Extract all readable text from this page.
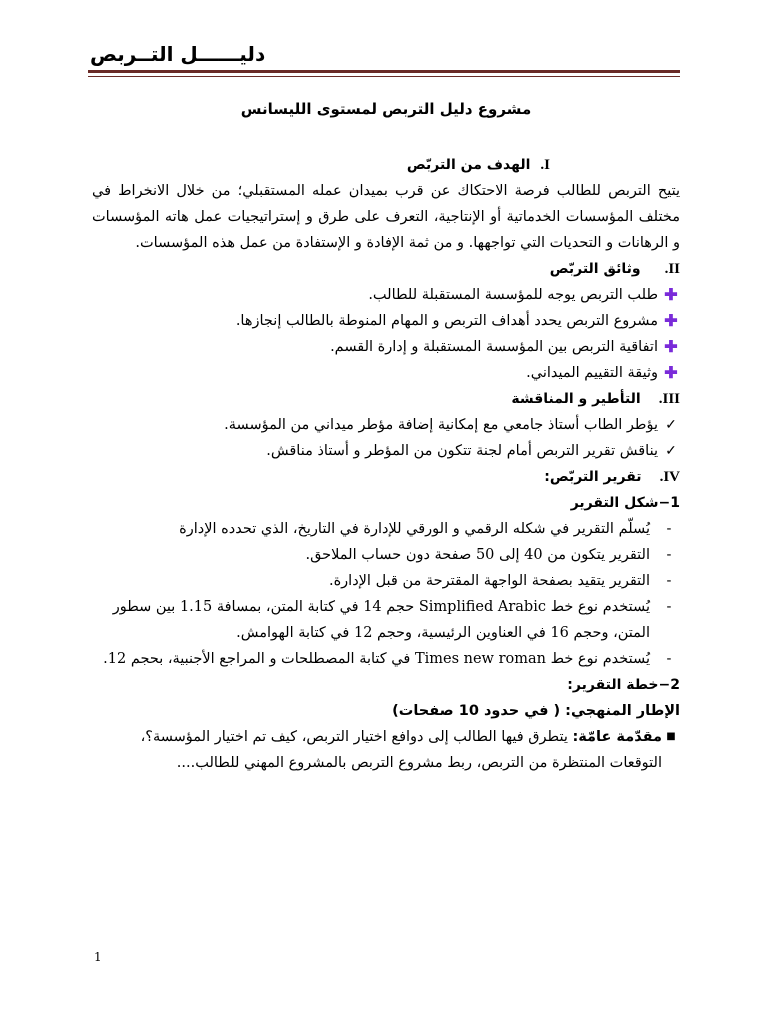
دليــــــل التــربص
مشروع دليل التربص لمستوى الليسانس
I.الهدف من التربّص

يتيح التربص للطالب فرصة الاحتكاك عن قرب بميدان عمله المستقبلي؛ من خلال الانخراط في مختلف المؤسسات الخدماتية أو الإنتاجية، التعرف على طرق و إستراتيجيات عمل هاته المؤسسات و الرهانات و التحديات التي تواجهها. و من ثمة الإفادة و الإستفادة من عمل هذه المؤسسات.

II.وثائق التربّص
✚
طلب التربص يوجه للمؤسسة المستقبلة للطالب.
✚
مشروع التربص يحدد أهداف التربص و المهام المنوطة بالطالب إنجازها.
✚
اتفاقية التربص بين المؤسسة المستقبلة و إدارة القسم.
✚
وثيقة التقييم الميداني.
III.التأطير و المناقشة
✓
يؤطر الطاب أستاذ جامعي مع إمكانية إضافة مؤطر ميداني من المؤسسة.
✓
يناقش تقرير التربص أمام لجنة تتكون من المؤطر و أستاذ مناقش.
IV.تقرير التربّص:
1−شكل التقرير
-
يُسلّم التقرير في شكله الرقمي و الورقي للإدارة في التاريخ، الذي تحدده الإدارة
-
التقرير يتكون من 40 إلى 50 صفحة دون حساب الملاحق.
-
التقرير يتقيد بصفحة الواجهة المقترحة من قبل الإدارة.
-
يُستخدم نوع خط Simplified Arabic حجم 14 في كتابة المتن، بمسافة 1.15 بين سطور المتن، وحجم 16 في العناوين الرئيسية، وحجم 12 في كتابة الهوامش.
-
يُستخدم نوع خط Times new roman في كتابة المصطلحات و المراجع الأجنبية، بحجم 12.
2−خطة التقرير:
الإطار المنهجي: ( في حدود 10 صفحات)
■
مقدّمة عامّة: يتطرق فيها الطالب إلى دوافع اختيار التربص، كيف تم اختيار المؤسسة؟، التوقعات المنتظرة من التربص، ربط مشروع التربص بالمشروع المهني للطالب....
1
